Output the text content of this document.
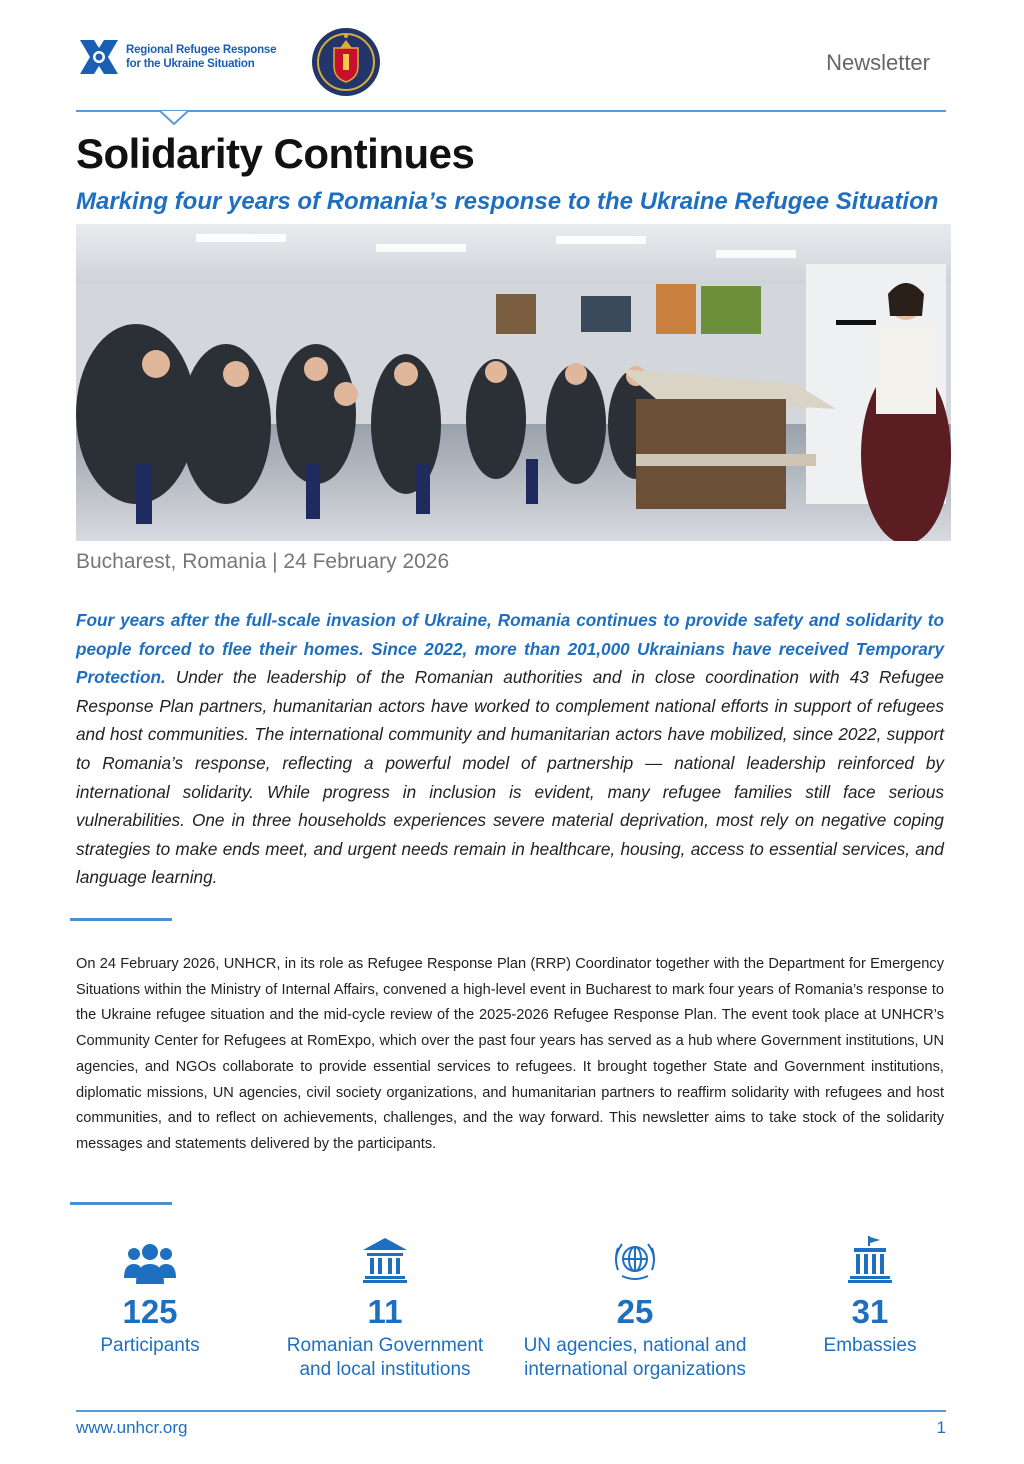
Regional Refugee Response
for the Ukraine Situation	Newsletter
Solidarity Continues
Marking four years of Romania’s response to the Ukraine Refugee Situation
Bucharest, Romania | 24 February 2026
Four years after the full-scale invasion of Ukraine, Romania continues to provide safety and solidarity to people forced to flee their homes. Since 2022, more than 201,000 Ukrainians have received Temporary Protection. Under the leadership of the Romanian authorities and in close coordination with 43 Refugee Response Plan partners, humanitarian actors have worked to complement national efforts in support of refugees and host communities. The international community and humanitarian actors have mobilized, since 2022, support to Romania’s response, reflecting a powerful model of partnership — national leadership reinforced by international solidarity. While progress in inclusion is evident, many refugee families still face serious vulnerabilities. One in three households experiences severe material deprivation, most rely on negative coping strategies to make ends meet, and urgent needs remain in healthcare, housing, access to essential services, and language learning.
On 24 February 2026, UNHCR, in its role as Refugee Response Plan (RRP) Coordinator together with the Department for Emergency Situations within the Ministry of Internal Affairs, convened a high-level event in Bucharest to mark four years of Romania’s response to the Ukraine refugee situation and the mid-cycle review of the 2025-2026 Refugee Response Plan. The event took place at UNHCR’s Community Center for Refugees at RomExpo, which over the past four years has served as a hub where Government institutions, UN agencies, and NGOs collaborate to provide essential services to refugees. It brought together State and Government institutions, diplomatic missions, UN agencies, civil society organizations, and humanitarian partners to reaffirm solidarity with refugees and host communities, and to reflect on achievements, challenges, and the way forward. This newsletter aims to take stock of the solidarity messages and statements delivered by the participants.
125
Participants
11
Romanian Government
and local institutions
25
UN agencies, national and
international organizations
31
Embassies
www.unhcr.org	1
